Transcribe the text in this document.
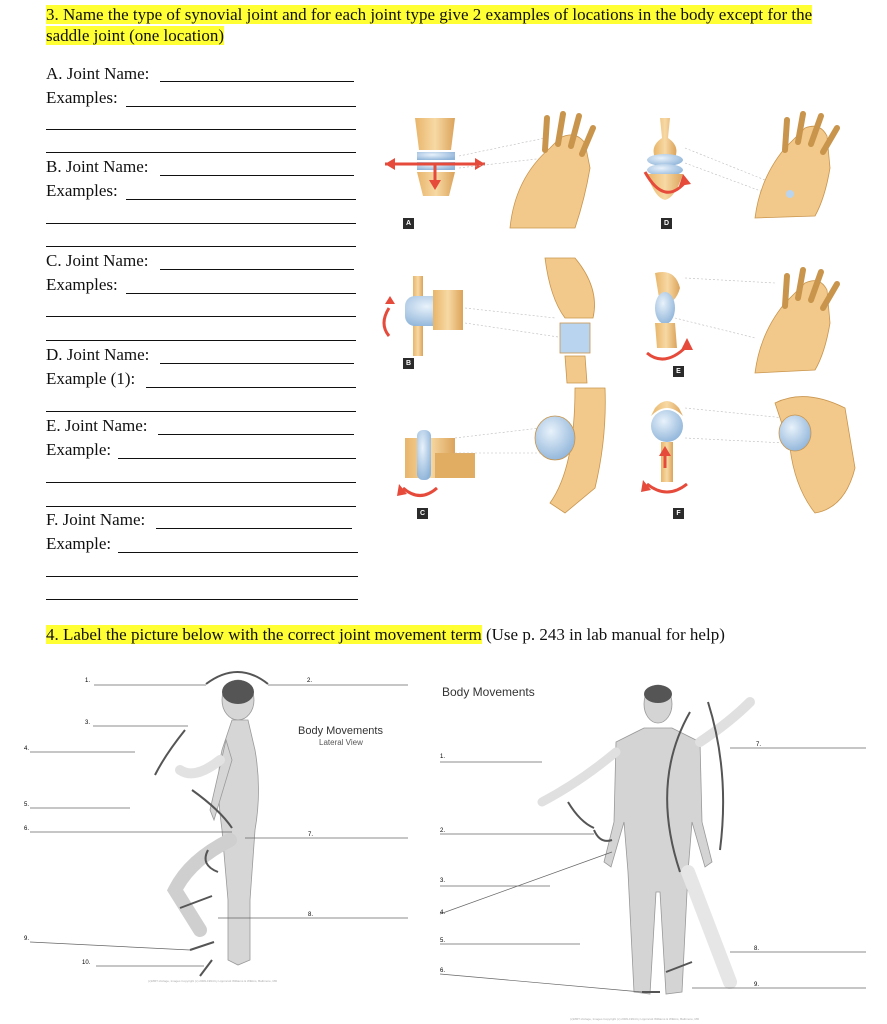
3. Name the type of synovial joint and for each joint type give 2 examples of locations in the body except for the saddle joint (one location)
A. Joint Name:
Examples:
B. Joint Name:
Examples:
C. Joint Name:
Examples:
D. Joint Name:
Example (1):
E. Joint Name:
Example:
F. Joint Name:
Example:
A
B
C
D
E
F
4. Label the picture below with the correct joint movement term (Use p. 243 in lab manual for help)
1.	2.
3.
4.
5.
6.
7.
8.
9.
10.
Body Movements
Lateral View
(c)MRT-Vorlage, Images Copyright (c) 2009-1994 by Lippincott Williams & Wilkins, Baltimore, MD
Body Movements
1.
2.
3.
4.
5.
6.
7.
8.
9.
(c)MRT-Vorlage, Images Copyright (c) 2009-1994 by Lippincott Williams & Wilkins, Baltimore, MD
